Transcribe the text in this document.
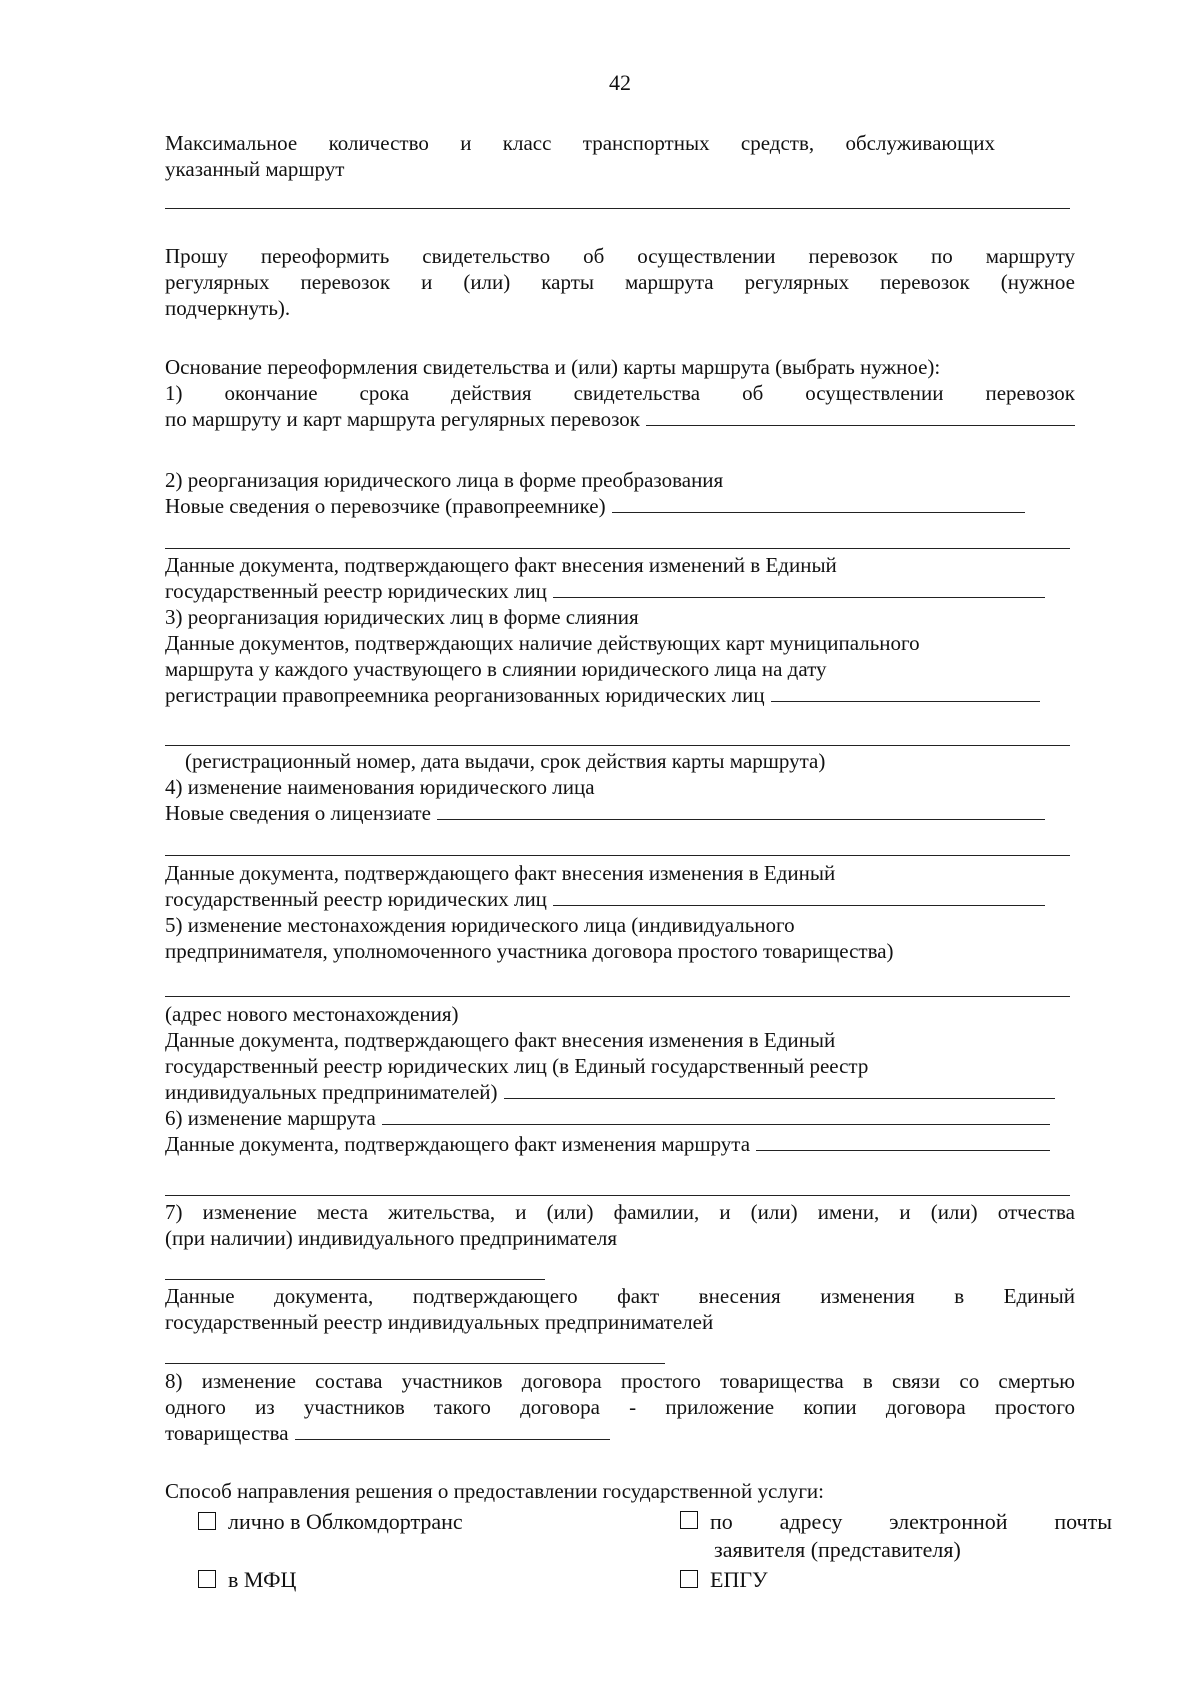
42

Максимальное количество и класс транспортных средств, обслуживающих

указанный маршрут

Прошу переоформить свидетельство об осуществлении перевозок по маршруту

регулярных перевозок и (или) карты маршрута регулярных перевозок (нужное

подчеркнуть).

Основание переоформления свидетельства и (или) карты маршрута (выбрать нужное):

1) окончание срока действия свидетельства об осуществлении перевозок

по маршруту и карт маршрута регулярных перевозок

2) реорганизация юридического лица в форме преобразования

Новые сведения о перевозчике (правопреемнике)

Данные документа, подтверждающего факт внесения изменений в Единый

государственный реестр юридических лиц

3) реорганизация юридических лиц в форме слияния

Данные документов, подтверждающих наличие действующих карт муниципального

маршрута у каждого участвующего в слиянии юридического лица на дату

регистрации правопреемника реорганизованных юридических лиц

(регистрационный номер, дата выдачи, срок действия карты маршрута)

4) изменение наименования юридического лица

Новые сведения о лицензиате

Данные документа, подтверждающего факт внесения изменения в Единый

государственный реестр юридических лиц

5) изменение местонахождения юридического лица (индивидуального

предпринимателя, уполномоченного участника договора простого товарищества)

(адрес нового местонахождения)

Данные документа, подтверждающего факт внесения изменения в Единый

государственный реестр юридических лиц (в Единый государственный реестр

индивидуальных предпринимателей)
6) изменение маршрута
Данные документа, подтверждающего факт изменения маршрута

7) изменение места жительства, и (или) фамилии, и (или) имени, и (или) отчества

(при наличии) индивидуального предпринимателя

Данные документа, подтверждающего факт внесения изменения в Единый

государственный реестр индивидуальных предпринимателей

8) изменение состава участников договора простого товарищества в связи со смертью

одного из участников такого договора - приложение копии договора простого

товарищества

Способ направления решения о предоставлении государственной услуги:

лично в Облкомдортранс	по адресу электронной почты
заявителя (представителя)
в МФЦ	ЕПГУ
